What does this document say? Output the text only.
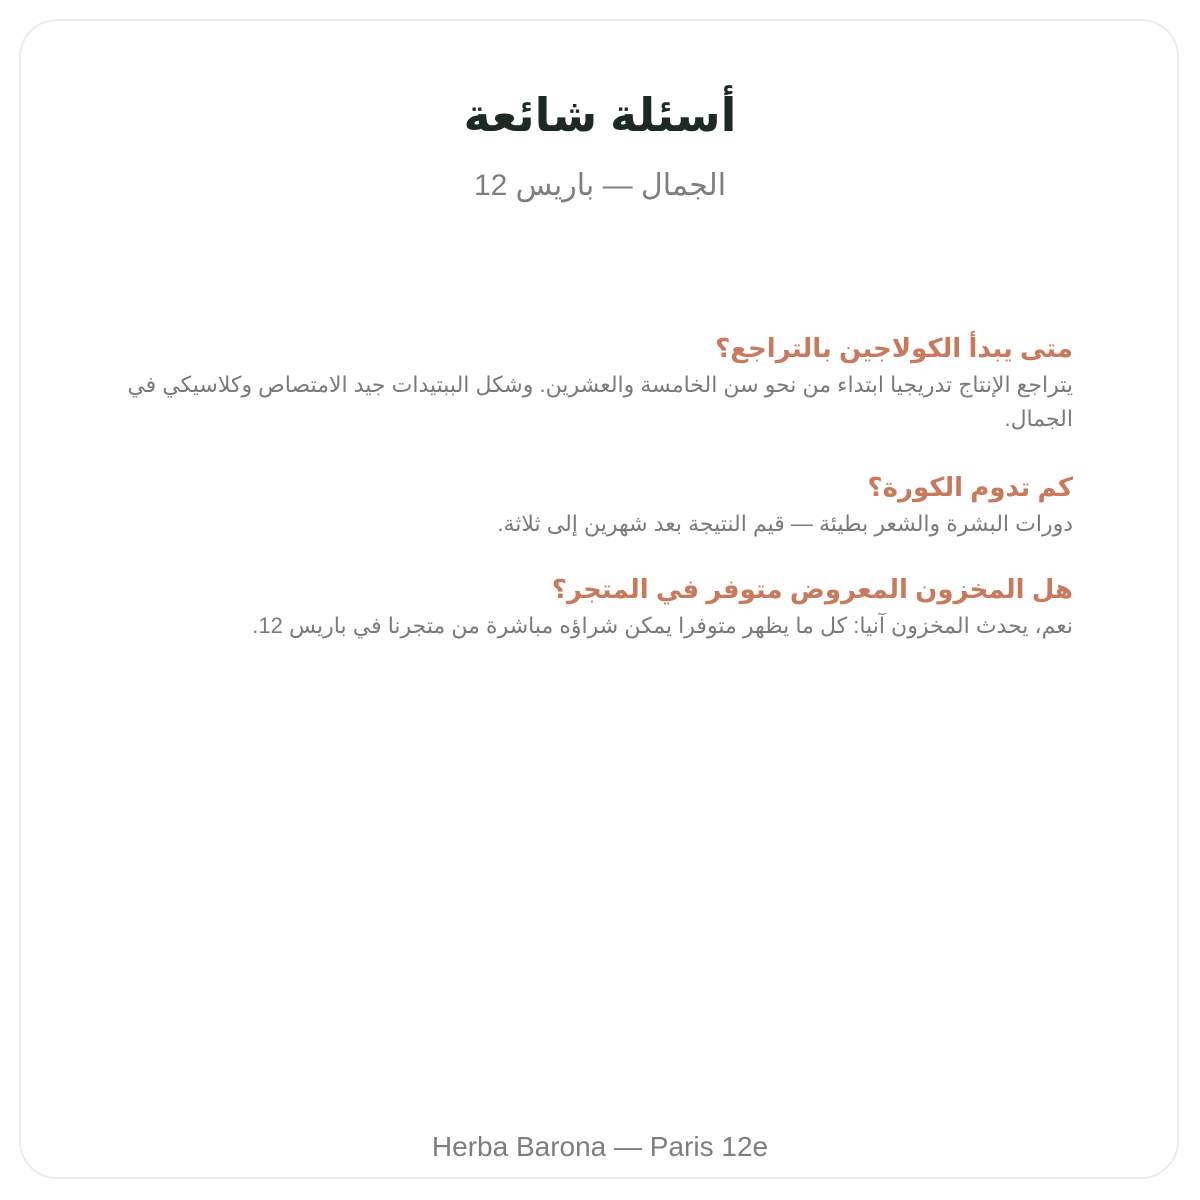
أسئلة شائعة

الجمال — باريس 12

متى يبدأ الكولاجين بالتراجع؟

يتراجع الإنتاج تدريجيا ابتداء من نحو سن الخامسة والعشرين. وشكل الببتيدات جيد الامتصاص وكلاسيكي في الجمال.

كم تدوم الكورة؟

دورات البشرة والشعر بطيئة — قيم النتيجة بعد شهرين إلى ثلاثة.

هل المخزون المعروض متوفر في المتجر؟

نعم، يحدث المخزون آنيا: كل ما يظهر متوفرا يمكن شراؤه مباشرة من متجرنا في باريس 12.

Herba Barona — Paris 12e
